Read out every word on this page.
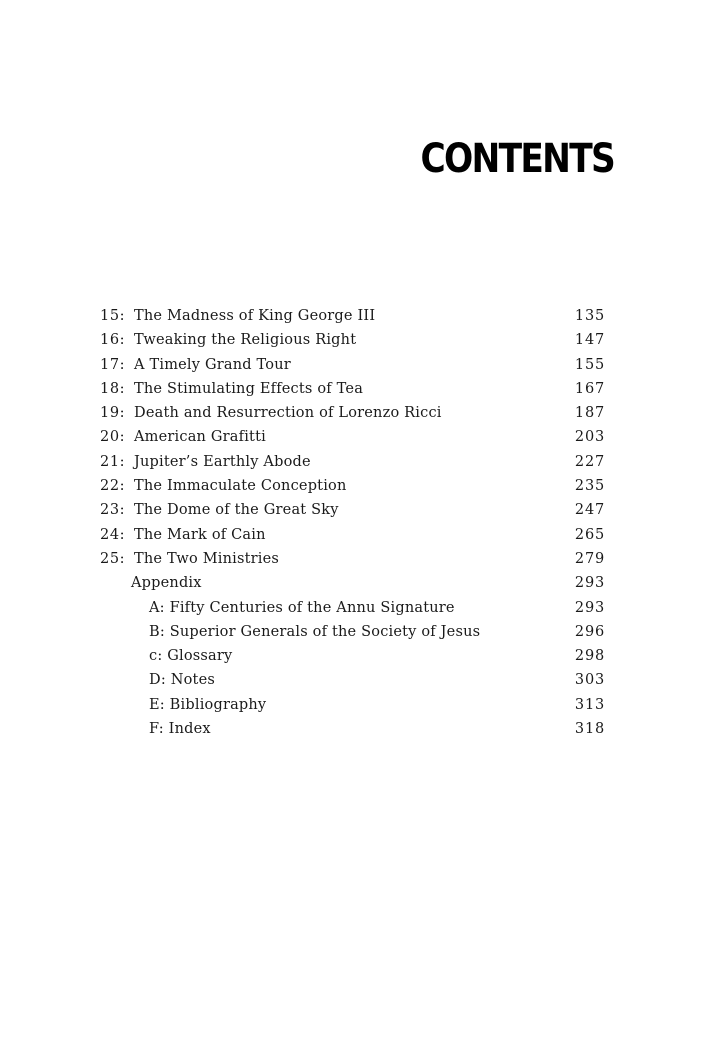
CONTENTS
15: The Madness of King George III	135
16: Tweaking the Religious Right	147
17: A Timely Grand Tour	155
18: The Stimulating Effects of Tea	167
19: Death and Resurrection of Lorenzo Ricci	187
20: American Grafitti	203
21: Jupiter’s Earthly Abode	227
22: The Immaculate Conception	235
23: The Dome of the Great Sky	247
24: The Mark of Cain	265
25: The Two Ministries	279
Appendix	293
A: Fifty Centuries of the Annu Signature	293
B: Superior Generals of the Society of Jesus	296
c: Glossary	298
D: Notes	303
E: Bibliography	313
F: Index	318
